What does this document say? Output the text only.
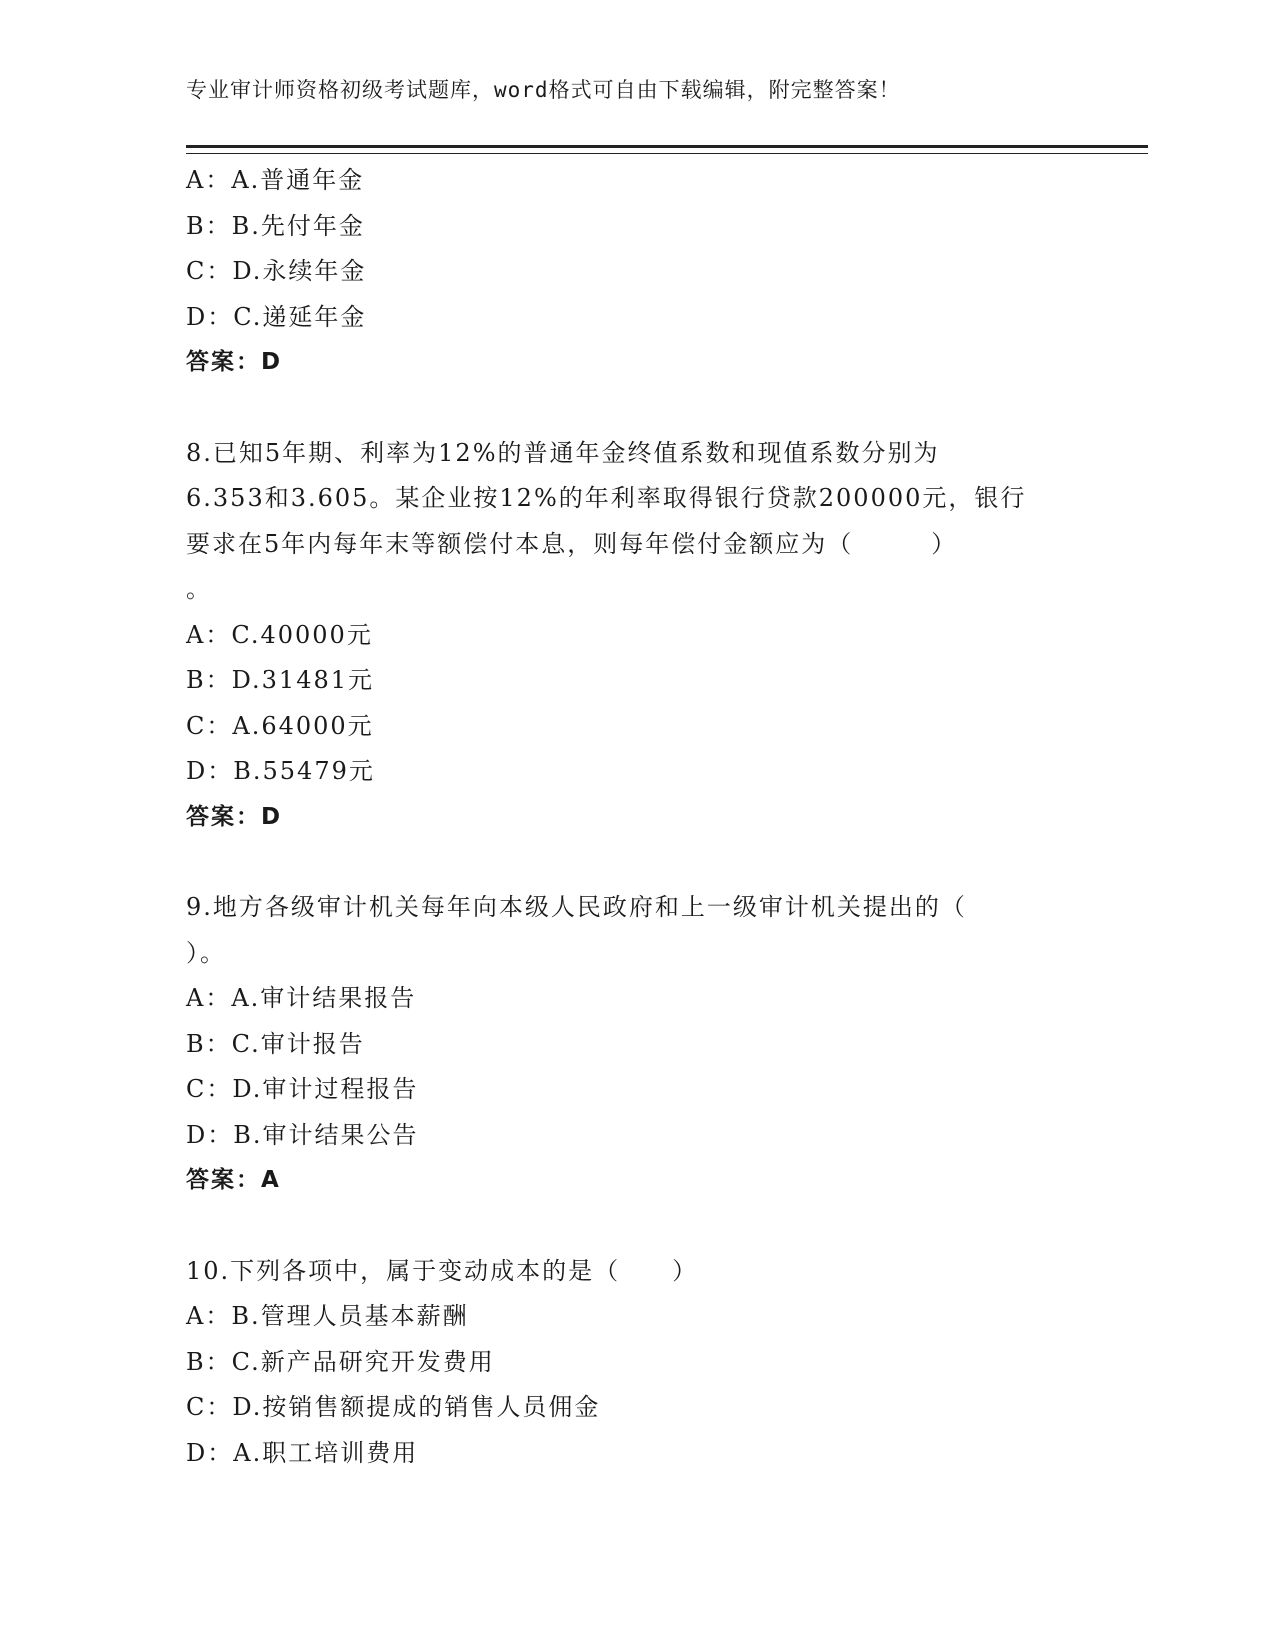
专业审计师资格初级考试题库，word格式可自由下载编辑，附完整答案！
A：A.普通年金
B：B.先付年金
C：D.永续年金
D：C.递延年金
答案：D
8.已知5年期、利率为12%的普通年金终值系数和现值系数分别为
6.353和3.605。某企业按12%的年利率取得银行贷款200000元，银行
要求在5年内每年末等额偿付本息，则每年偿付金额应为（　　　）
。
A：C.40000元
B：D.31481元
C：A.64000元
D：B.55479元
答案：D
9.地方各级审计机关每年向本级人民政府和上一级审计机关提出的（
）。
A：A.审计结果报告
B：C.审计报告
C：D.审计过程报告
D：B.审计结果公告
答案：A
10.下列各项中，属于变动成本的是（　　）
A：B.管理人员基本薪酬
B：C.新产品研究开发费用
C：D.按销售额提成的销售人员佣金
D：A.职工培训费用
